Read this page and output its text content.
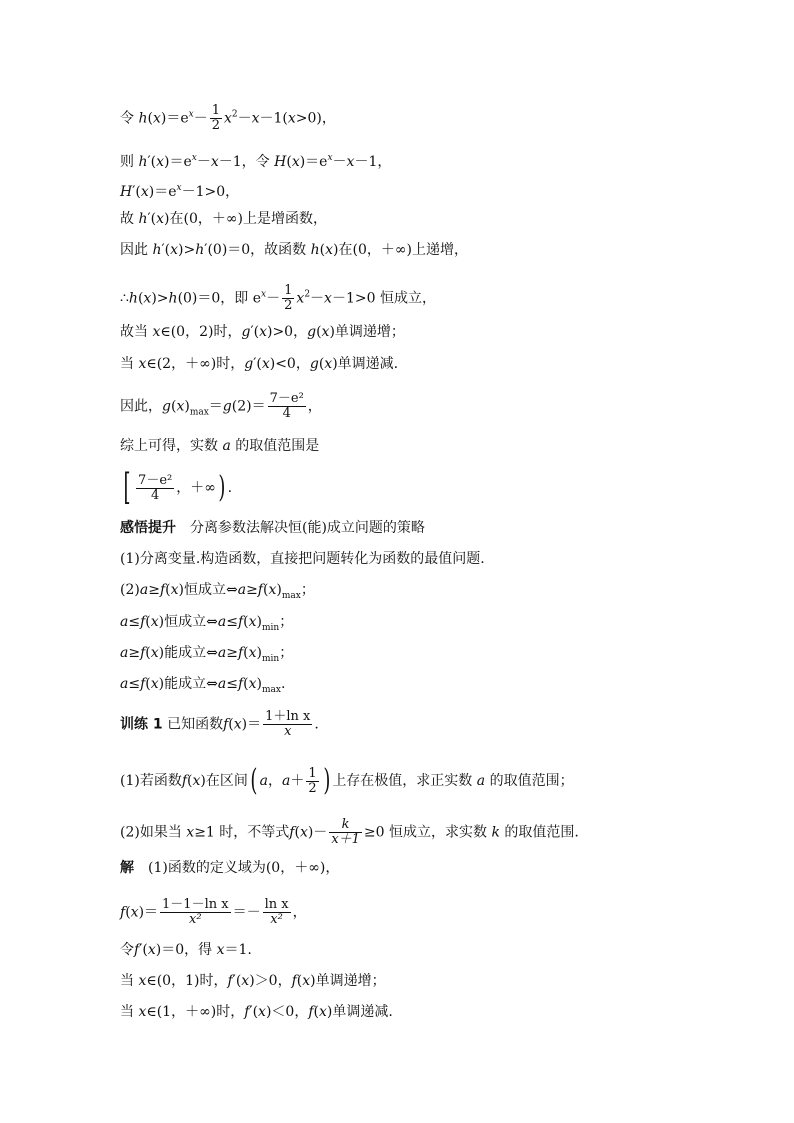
令 $h(x)=e^x- \frac{1}{2} x^2-x-1(x>0)$，
则 $h'(x)=e^x-x-1$，令 $H(x)=e^x-x-1$，
$H'(x)=e^x-1>0$，
故 h′(x)在(0，＋∞)上是增函数，
因此 h′(x)>h′(0)＝0，故函数 h(x)在(0，＋∞)上递增，
∴h(x)>h(0)＝0，即 $e^x- \frac{1}{2} x^2-x-1>0$ 恒成立，
故当 x∈(0，2)时，g′(x)>0，g(x)单调递增；
当 x∈(2，＋∞)时，g′(x)<0，g(x)单调递减.
因此，$g(x)_{max}=g(2)= \frac{\text{7－e²}}{4}$ ，
综上可得，实数 a 的取值范围是
[ $\frac{\text{7－e²}}{4}$ ，＋∞) .
感悟提升　分离参数法解决恒(能)成立问题的策略
(1)分离变量.构造函数，直接把问题转化为函数的最值问题.
(2)a≥f(x)恒成立$\Leftrightarrow a\ge f(x)_{max}$；
a≤f(x)恒成立$\Leftrightarrow a\le f(x)_{min}$；
a≥f(x)能成立$\Leftrightarrow a\ge f(x)_{min}$；
a≤f(x)能成立$\Leftrightarrow a\le f(x)_{max}$.
训练 1 已知函数$f(x)= \frac{\text{1＋ln x}}{x}$ .
(1)若函数f(x)在区间( a，$a+ \frac{1}{2}$ ) 上存在极值，求正实数 a 的取值范围；
(2)如果当 x≥1 时，不等式$f(x)- \frac{k}{x+1} \ge 0$ 恒成立，求实数 k 的取值范围.
解　(1)函数的定义域为(0，＋∞)，
$f(x)= \frac{\text{1－1－ln x}}{\text{x²}} =- \frac{\text{ln x}}{\text{x²}}$ ，
令f′(x)＝0，得 x＝1.
当 x∈(0，1)时，f′(x)＞0，f(x)单调递增；
当 x∈(1，＋∞)时，f′(x)＜0，f(x)单调递减.
